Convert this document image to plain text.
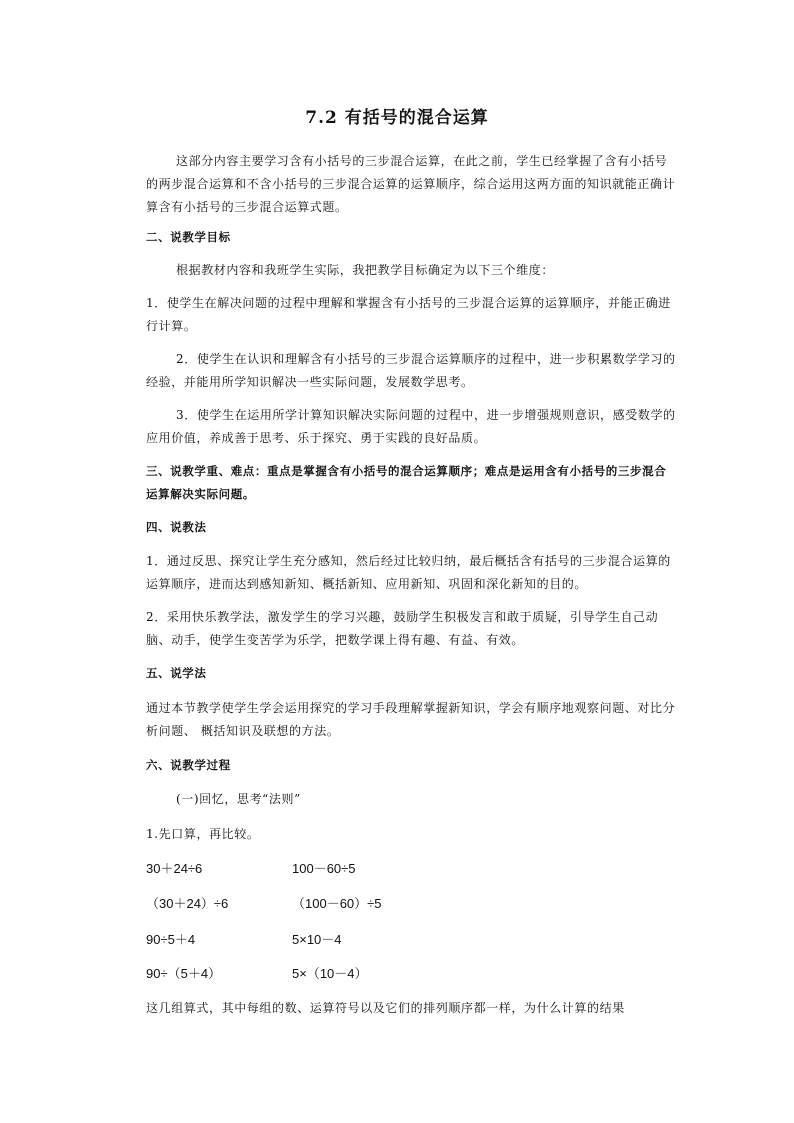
7.2 有括号的混合运算
这部分内容主要学习含有小括号的三步混合运算，在此之前，学生已经掌握了含有小括号的两步混合运算和不含小括号的三步混合运算的运算顺序，综合运用这两方面的知识就能正确计算含有小括号的三步混合运算式题。
二、说教学目标
根据教材内容和我班学生实际，我把教学目标确定为以下三个维度：
1．使学生在解决问题的过程中理解和掌握含有小括号的三步混合运算的运算顺序，并能正确进行计算。
2．使学生在认识和理解含有小括号的三步混合运算顺序的过程中，进一步积累数学学习的经验，并能用所学知识解决一些实际问题，发展数学思考。
3．使学生在运用所学计算知识解决实际问题的过程中，进一步增强规则意识，感受数学的应用价值，养成善于思考、乐于探究、勇于实践的良好品质。
三、说教学重、难点：重点是掌握含有小括号的混合运算顺序；难点是运用含有小括号的三步混合运算解决实际问题。
四、说教法
1．通过反思、探究让学生充分感知，然后经过比较归纳，最后概括含有括号的三步混合运算的运算顺序，进而达到感知新知、概括新知、应用新知、巩固和深化新知的目的。
2．采用快乐教学法，激发学生的学习兴趣，鼓励学生积极发言和敢于质疑，引导学生自己动脑、动手，使学生变苦学为乐学，把数学课上得有趣、有益、有效。
五、说学法
通过本节教学使学生学会运用探究的学习手段理解掌握新知识，学会有顺序地观察问题、对比分析问题、 概括知识及联想的方法。
六、说教学过程
(一)回忆，思考“法则”
1.先口算，再比较。
30＋24÷6	100－60÷5
（30＋24）÷6	（100－60）÷5
90÷5＋4	5×10－4
90÷（5＋4）	5×（10－4）
这几组算式，其中每组的数、运算符号以及它们的排列顺序都一样，为什么计算的结果
